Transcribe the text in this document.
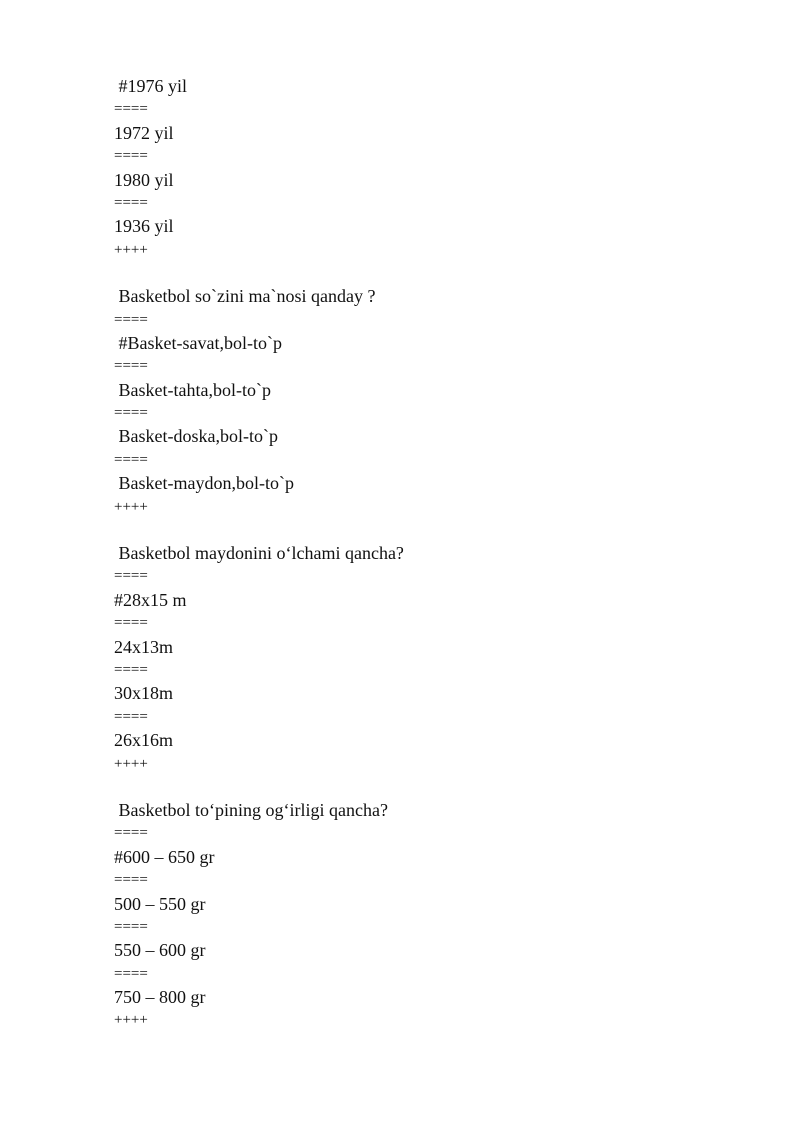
#1976 yil
====
1972 yil
====
1980 yil
====
1936 yil
++++
Basketbol so`zini ma`nosi qanday ?
====
#Basket-savat,bol-to`p
====
Basket-tahta,bol-to`p
====
Basket-doska,bol-to`p
====
Basket-maydon,bol-to`p
++++
Basketbol maydonini o‘lchami qancha?
====
#28x15 m
====
24x13m
====
30x18m
====
26x16m
++++
Basketbol to‘pining og‘irligi qancha?
====
#600 – 650 gr
====
500 – 550 gr
====
550 – 600 gr
====
750 – 800 gr
++++
